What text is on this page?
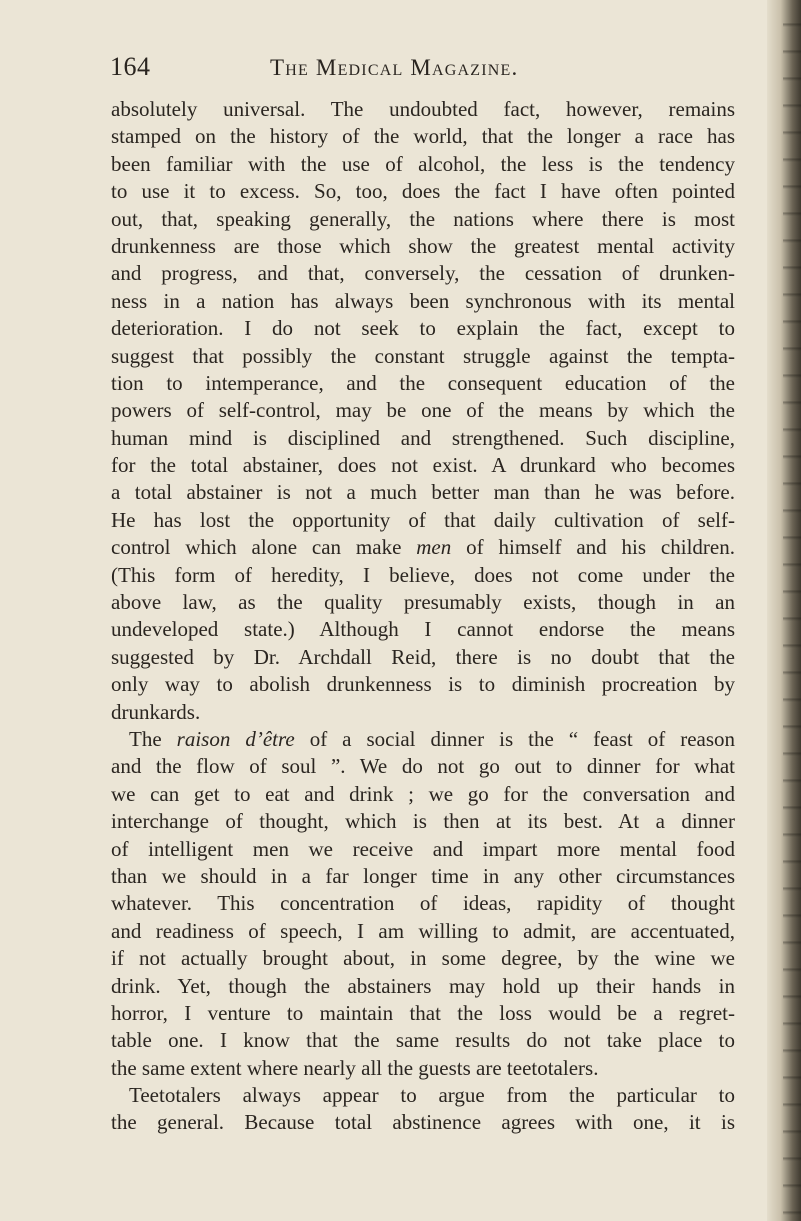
164	The Medical Magazine.
absolutely universal. The undoubted fact, however, remains
stamped on the history of the world, that the longer a race has
been familiar with the use of alcohol, the less is the tendency
to use it to excess. So, too, does the fact I have often pointed
out, that, speaking generally, the nations where there is most
drunkenness are those which show the greatest mental activity
and progress, and that, conversely, the cessation of drunken-
ness in a nation has always been synchronous with its mental
deterioration. I do not seek to explain the fact, except to
suggest that possibly the constant struggle against the tempta-
tion to intemperance, and the consequent education of the
powers of self-control, may be one of the means by which the
human mind is disciplined and strengthened. Such discipline,
for the total abstainer, does not exist. A drunkard who becomes
a total abstainer is not a much better man than he was before.
He has lost the opportunity of that daily cultivation of self-
control which alone can make men of himself and his children.
(This form of heredity, I believe, does not come under the
above law, as the quality presumably exists, though in an
undeveloped state.) Although I cannot endorse the means
suggested by Dr. Archdall Reid, there is no doubt that the
only way to abolish drunkenness is to diminish procreation by
drunkards.
The raison d’être of a social dinner is the “ feast of reason
and the flow of soul ”. We do not go out to dinner for what
we can get to eat and drink ; we go for the conversation and
interchange of thought, which is then at its best. At a dinner
of intelligent men we receive and impart more mental food
than we should in a far longer time in any other circumstances
whatever. This concentration of ideas, rapidity of thought
and readiness of speech, I am willing to admit, are accentuated,
if not actually brought about, in some degree, by the wine we
drink. Yet, though the abstainers may hold up their hands in
horror, I venture to maintain that the loss would be a regret-
table one. I know that the same results do not take place to
the same extent where nearly all the guests are teetotalers.
Teetotalers always appear to argue from the particular to
the general. Because total abstinence agrees with one, it is
